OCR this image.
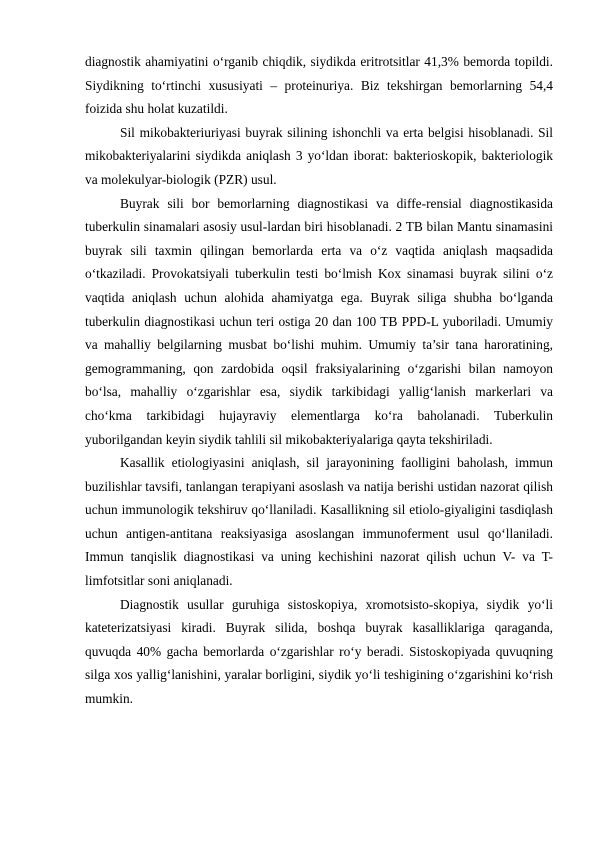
diagnostik ahamiyatini o‘rganib chiqdik, siydikda eritrotsitlar 41,3% bemorda topildi. Siydikning to‘rtinchi xususiyati – proteinuriya. Biz tekshirgan bemorlarning 54,4 foizida shu holat kuzatildi.

Sil mikobakteriuriyasi buyrak silining ishonchli va erta belgisi hisoblanadi. Sil mikobakteriyalarini siydikda aniqlash 3 yo‘ldan iborat: bakterioskopik, bakteriologik va molekulyar-biologik (PZR) usul.

Buyrak sili bor bemorlarning diagnostikasi va diffe-rensial diagnostikasida tuberkulin sinamalari asosiy usul-lardan biri hisoblanadi. 2 TB bilan Mantu sinamasini buyrak sili taxmin qilingan bemorlarda erta va o‘z vaqtida aniqlash maqsadida o‘tkaziladi. Provokatsiyali tuberkulin testi bo‘lmish Kox sinamasi buyrak silini o‘z vaqtida aniqlash uchun alohida ahamiyatga ega. Buyrak siliga shubha bo‘lganda tuberkulin diagnostikasi uchun teri ostiga 20 dan 100 TB PPD-L yuboriladi. Umumiy va mahalliy belgilarning musbat bo‘lishi muhim. Umumiy ta’sir tana haroratining, gemogrammaning, qon zardobida oqsil fraksiyalarining o‘zgarishi bilan namoyon bo‘lsa, mahalliy o‘zgarishlar esa, siydik tarkibidagi yallig‘lanish markerlari va cho‘kma tarkibidagi hujayraviy elementlarga ko‘ra baholanadi. Tuberkulin yuborilgandan keyin siydik tahlili sil mikobakteriyalariga qayta tekshiriladi.

Kasallik etiologiyasini aniqlash, sil jarayonining faolligini baholash, immun buzilishlar tavsifi, tanlangan terapiyani asoslash va natija berishi ustidan nazorat qilish uchun immunologik tekshiruv qo‘llaniladi. Kasallikning sil etiolo-giyaligini tasdiqlash uchun antigen-antitana reaksiyasiga asoslangan immunoferment usul qo‘llaniladi. Immun tanqislik diagnostikasi va uning kechishini nazorat qilish uchun V- va T-limfotsitlar soni aniqlanadi.

Diagnostik usullar guruhiga sistoskopiya, xromotsisto-skopiya, siydik yo‘li kateterizatsiyasi kiradi. Buyrak silida, boshqa buyrak kasalliklariga qaraganda, quvuqda 40% gacha bemorlarda o‘zgarishlar ro‘y beradi. Sistoskopiyada quvuqning silga xos yallig‘lanishini, yaralar borligini, siydik yo‘li teshigining o‘zgarishini ko‘rish mumkin.
